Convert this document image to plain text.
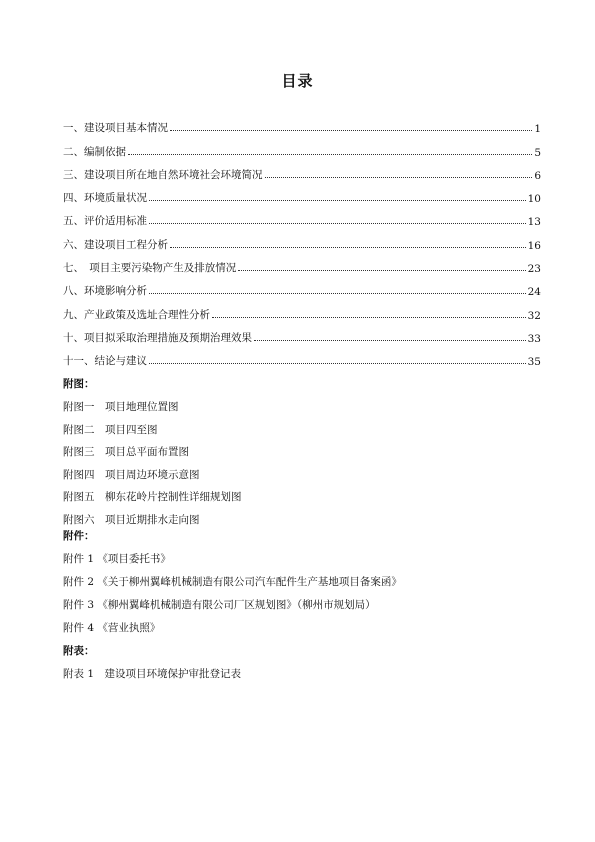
目录
一、建设项目基本情况	1
二、编制依据	5
三、建设项目所在地自然环境社会环境简况	6
四、环境质量状况	10
五、评价适用标准	13
六、建设项目工程分析	16
七、　项目主要污染物产生及排放情况	23
八、环境影响分析	24
九、产业政策及选址合理性分析	32
十、项目拟采取治理措施及预期治理效果	33
十一、结论与建议	35
附图：
附图一　项目地理位置图
附图二　项目四至图
附图三　项目总平面布置图
附图四　项目周边环境示意图
附图五　柳东花岭片控制性详细规划图
附图六　项目近期排水走向图
附件：
附件 1 《项目委托书》
附件 2 《关于柳州翼峰机械制造有限公司汽车配件生产基地项目备案函》
附件 3 《柳州翼峰机械制造有限公司厂区规划图》（柳州市规划局）
附件 4 《营业执照》
附表：
附表 1　建设项目环境保护审批登记表
